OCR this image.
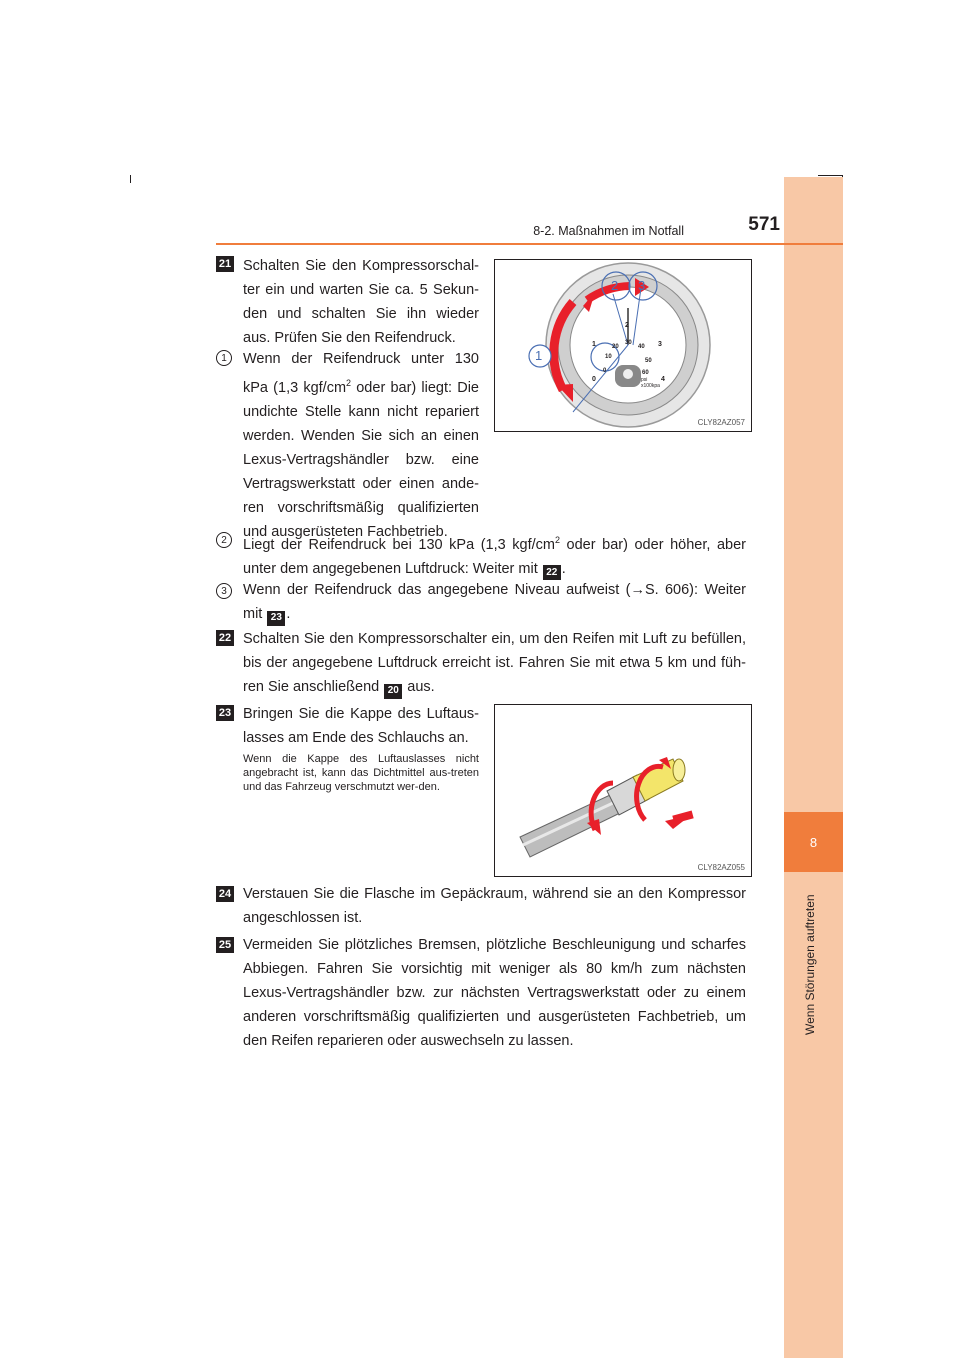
8
Wenn Störungen auftreten
8-2. Maßnahmen im Notfall	571
21 Schalten Sie den Kompressorschal-ter ein und warten Sie ca. 5 Sekun-den und schalten Sie ihn wieder aus. Prüfen Sie den Reifendruck.
1	Wenn der Reifendruck unter 130 kPa (1,3 kgf/$cm^2$ oder bar) liegt: Die undichte Stelle kann nicht repariert werden. Wenden Sie sich an einen Lexus-Vertragshändler bzw. eine Vertragswerkstatt oder einen ande-ren vorschriftsmäßig qualifizierten und ausgerüsteten Fachbetrieb.
1
2 3
0
1
2
3
4
0
10
20
30
40
50
60
psi
x100kpa
CLY82AZ057
2	Liegt der Reifendruck bei 130 kPa (1,3 kgf/$cm^2$ oder bar) oder höher, aber unter dem angegebenen Luftdruck: Weiter mit 22 .
3	Wenn der Reifendruck das angegebene Niveau aufweist (→S. 606): Weiter mit 23 .
22 Schalten Sie den Kompressorschalter ein, um den Reifen mit Luft zu befüllen, bis der angegebene Luftdruck erreicht ist. Fahren Sie mit etwa 5 km und füh-ren Sie anschließend 20 aus.
23 Bringen Sie die Kappe des Luftaus-lasses am Ende des Schlauchs an.
Wenn die Kappe des Luftauslasses nicht angebracht ist, kann das Dichtmittel aus-treten und das Fahrzeug verschmutzt wer-den.
CLY82AZ055
24 Verstauen Sie die Flasche im Gepäckraum, während sie an den Kompressor angeschlossen ist.
25 Vermeiden Sie plötzliches Bremsen, plötzliche Beschleunigung und scharfes Abbiegen. Fahren Sie vorsichtig mit weniger als 80 km/h zum nächsten Lexus-Vertragshändler bzw. zur nächsten Vertragswerkstatt oder zu einem anderen vorschriftsmäßig qualifizierten und ausgerüsteten Fachbetrieb, um den Reifen reparieren oder auswechseln zu lassen.
